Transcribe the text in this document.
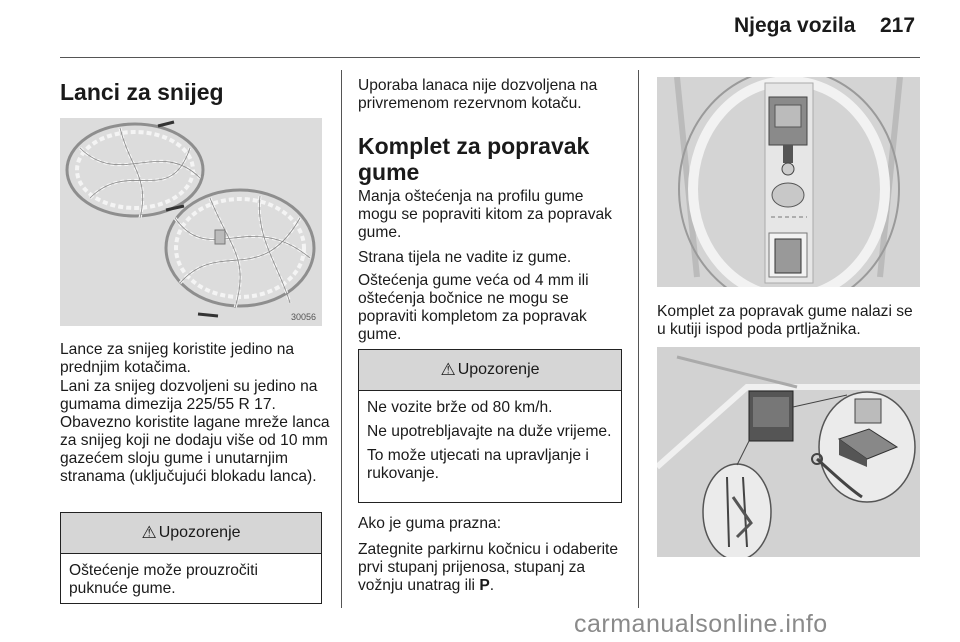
Njega vozila 217
Lanci za snijeg
30056
Lance za snijeg koristite jedino na prednjim kotačima.
Lani za snijeg dozvoljeni su jedino na gumama dimezija 225/55 R 17. Obavezno koristite lagane mreže lanca za snijeg koji ne dodaju više od 10 mm gazećem sloju gume i unutarnjim stranama (uključujući blokadu lanca).
⚠ Upozorenje
Oštećenje može prouzročiti puknuće gume.
Uporaba lanaca nije dozvoljena na privremenom rezervnom kotaču.
Komplet za popravak gume
Manja oštećenja na profilu gume mogu se popraviti kitom za popravak gume.
Strana tijela ne vadite iz gume.
Oštećenja gume veća od 4 mm ili oštećenja bočnice ne mogu se popraviti kompletom za popravak gume.
⚠ Upozorenje
Ne vozite brže od 80 km/h.
Ne upotrebljavajte na duže vrijeme.
To može utjecati na upravljanje i rukovanje.
Ako je guma prazna:
Zategnite parkirnu kočnicu i odaberite prvi stupanj prijenosa, stupanj za vožnju unatrag ili P.
Komplet za popravak gume nalazi se u kutiji ispod poda prtljažnika.
carmanualsonline.info
